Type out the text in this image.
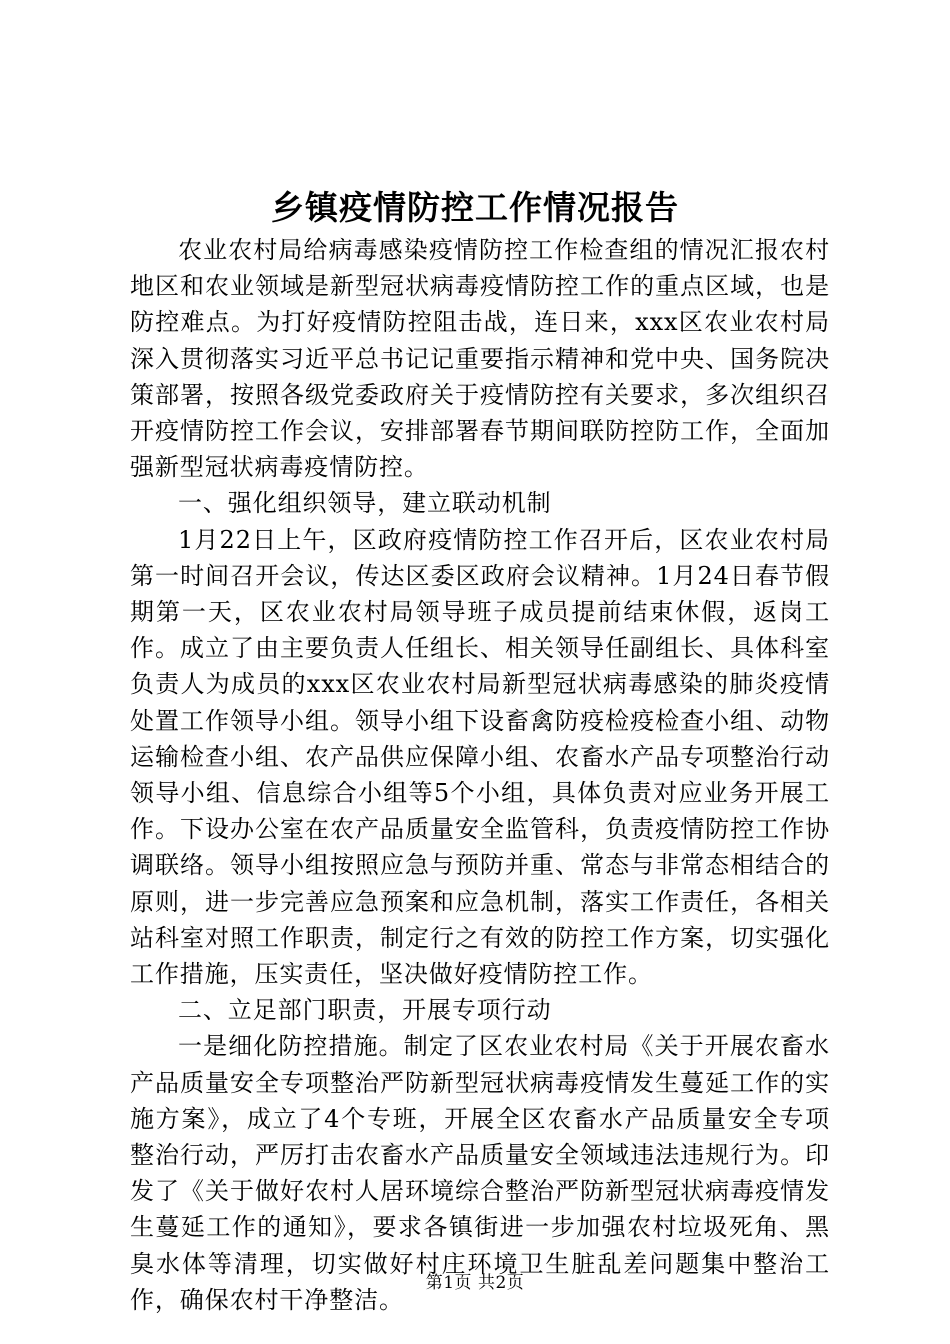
乡镇疫情防控工作情况报告

农业农村局给病毒感染疫情防控工作检查组的情况汇报农村地区和农业领域是新型冠状病毒疫情防控工作的重点区域，也是防控难点。为打好疫情防控阻击战，连日来，xxx区农业农村局深入贯彻落实习近平总书记记重要指示精神和党中央、国务院决策部署，按照各级党委政府关于疫情防控有关要求，多次组织召开疫情防控工作会议，安排部署春节期间联防控防工作，全面加强新型冠状病毒疫情防控。

一、强化组织领导，建立联动机制

1月22日上午，区政府疫情防控工作召开后，区农业农村局第一时间召开会议，传达区委区政府会议精神。1月24日春节假期第一天，区农业农村局领导班子成员提前结束休假，返岗工作。成立了由主要负责人任组长、相关领导任副组长、具体科室负责人为成员的xxx区农业农村局新型冠状病毒感染的肺炎疫情处置工作领导小组。领导小组下设畜禽防疫检疫检查小组、动物运输检查小组、农产品供应保障小组、农畜水产品专项整治行动领导小组、信息综合小组等5个小组，具体负责对应业务开展工作。下设办公室在农产品质量安全监管科，负责疫情防控工作协调联络。领导小组按照应急与预防并重、常态与非常态相结合的原则，进一步完善应急预案和应急机制，落实工作责任，各相关站科室对照工作职责，制定行之有效的防控工作方案，切实强化工作措施，压实责任，坚决做好疫情防控工作。

二、立足部门职责，开展专项行动

一是细化防控措施。制定了区农业农村局《关于开展农畜水产品质量安全专项整治严防新型冠状病毒疫情发生蔓延工作的实施方案》，成立了4个专班，开展全区农畜水产品质量安全专项整治行动，严厉打击农畜水产品质量安全领域违法违规行为。印发了《关于做好农村人居环境综合整治严防新型冠状病毒疫情发生蔓延工作的通知》，要求各镇街进一步加强农村垃圾死角、黑臭水体等清理，切实做好村庄环境卫生脏乱差问题集中整治工作，确保农村干净整洁。

第1页 共2页
